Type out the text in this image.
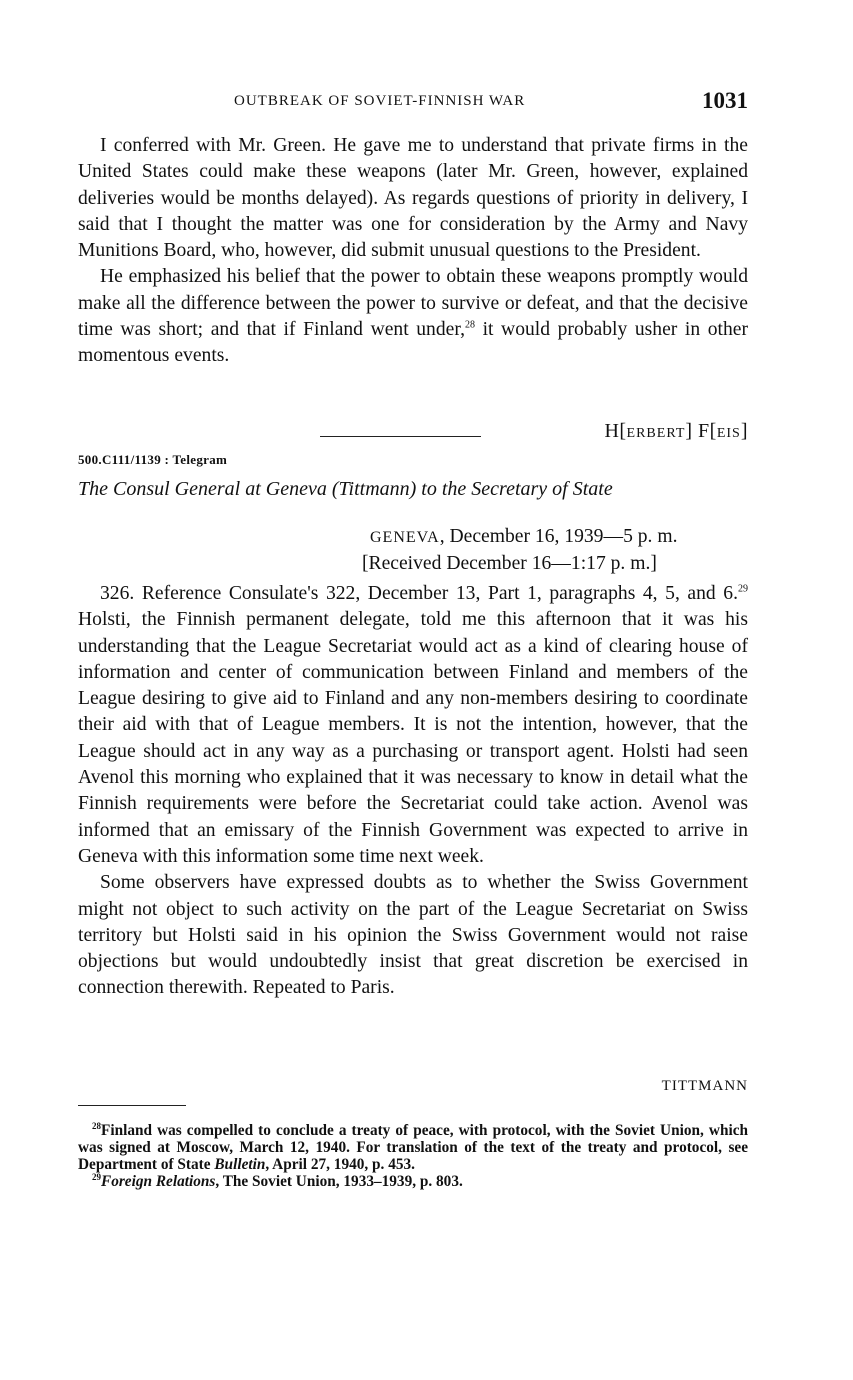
OUTBREAK OF SOVIET-FINNISH WAR	1031

I conferred with Mr. Green. He gave me to understand that private firms in the United States could make these weapons (later Mr. Green, however, explained deliveries would be months delayed). As regards questions of priority in delivery, I said that I thought the matter was one for consideration by the Army and Navy Munitions Board, who, however, did submit unusual questions to the President.

He emphasized his belief that the power to obtain these weapons promptly would make all the difference between the power to survive or defeat, and that the decisive time was short; and that if Finland went under,$^{28}$ it would probably usher in other momentous events.

H[ERBERT] F[EIS]
500.C111/1139 : Telegram
The Consul General at Geneva (Tittmann) to the Secretary of State
GENEVA, December 16, 1939—5 p. m.
[Received December 16—1:17 p. m.]

326. Reference Consulate's 322, December 13, Part 1, paragraphs 4, 5, and 6.29 Holsti, the Finnish permanent delegate, told me this afternoon that it was his understanding that the League Secretariat would act as a kind of clearing house of information and center of communication between Finland and members of the League desiring to give aid to Finland and any non-members desiring to coordinate their aid with that of League members. It is not the intention, however, that the League should act in any way as a purchasing or transport agent. Holsti had seen Avenol this morning who explained that it was necessary to know in detail what the Finnish requirements were before the Secretariat could take action. Avenol was informed that an emissary of the Finnish Government was expected to arrive in Geneva with this information some time next week.

Some observers have expressed doubts as to whether the Swiss Government might not object to such activity on the part of the League Secretariat on Swiss territory but Holsti said in his opinion the Swiss Government would not raise objections but would undoubtedly insist that great discretion be exercised in connection therewith. Repeated to Paris.

TITTMANN

$^{28}$Finland was compelled to conclude a treaty of peace, with protocol, with the Soviet Union, which was signed at Moscow, March 12, 1940. For translation of the text of the treaty and protocol, see Department of State Bulletin, April 27, 1940, p. 453.

$^{29}$Foreign Relations, The Soviet Union, 1933–1939, p. 803.
